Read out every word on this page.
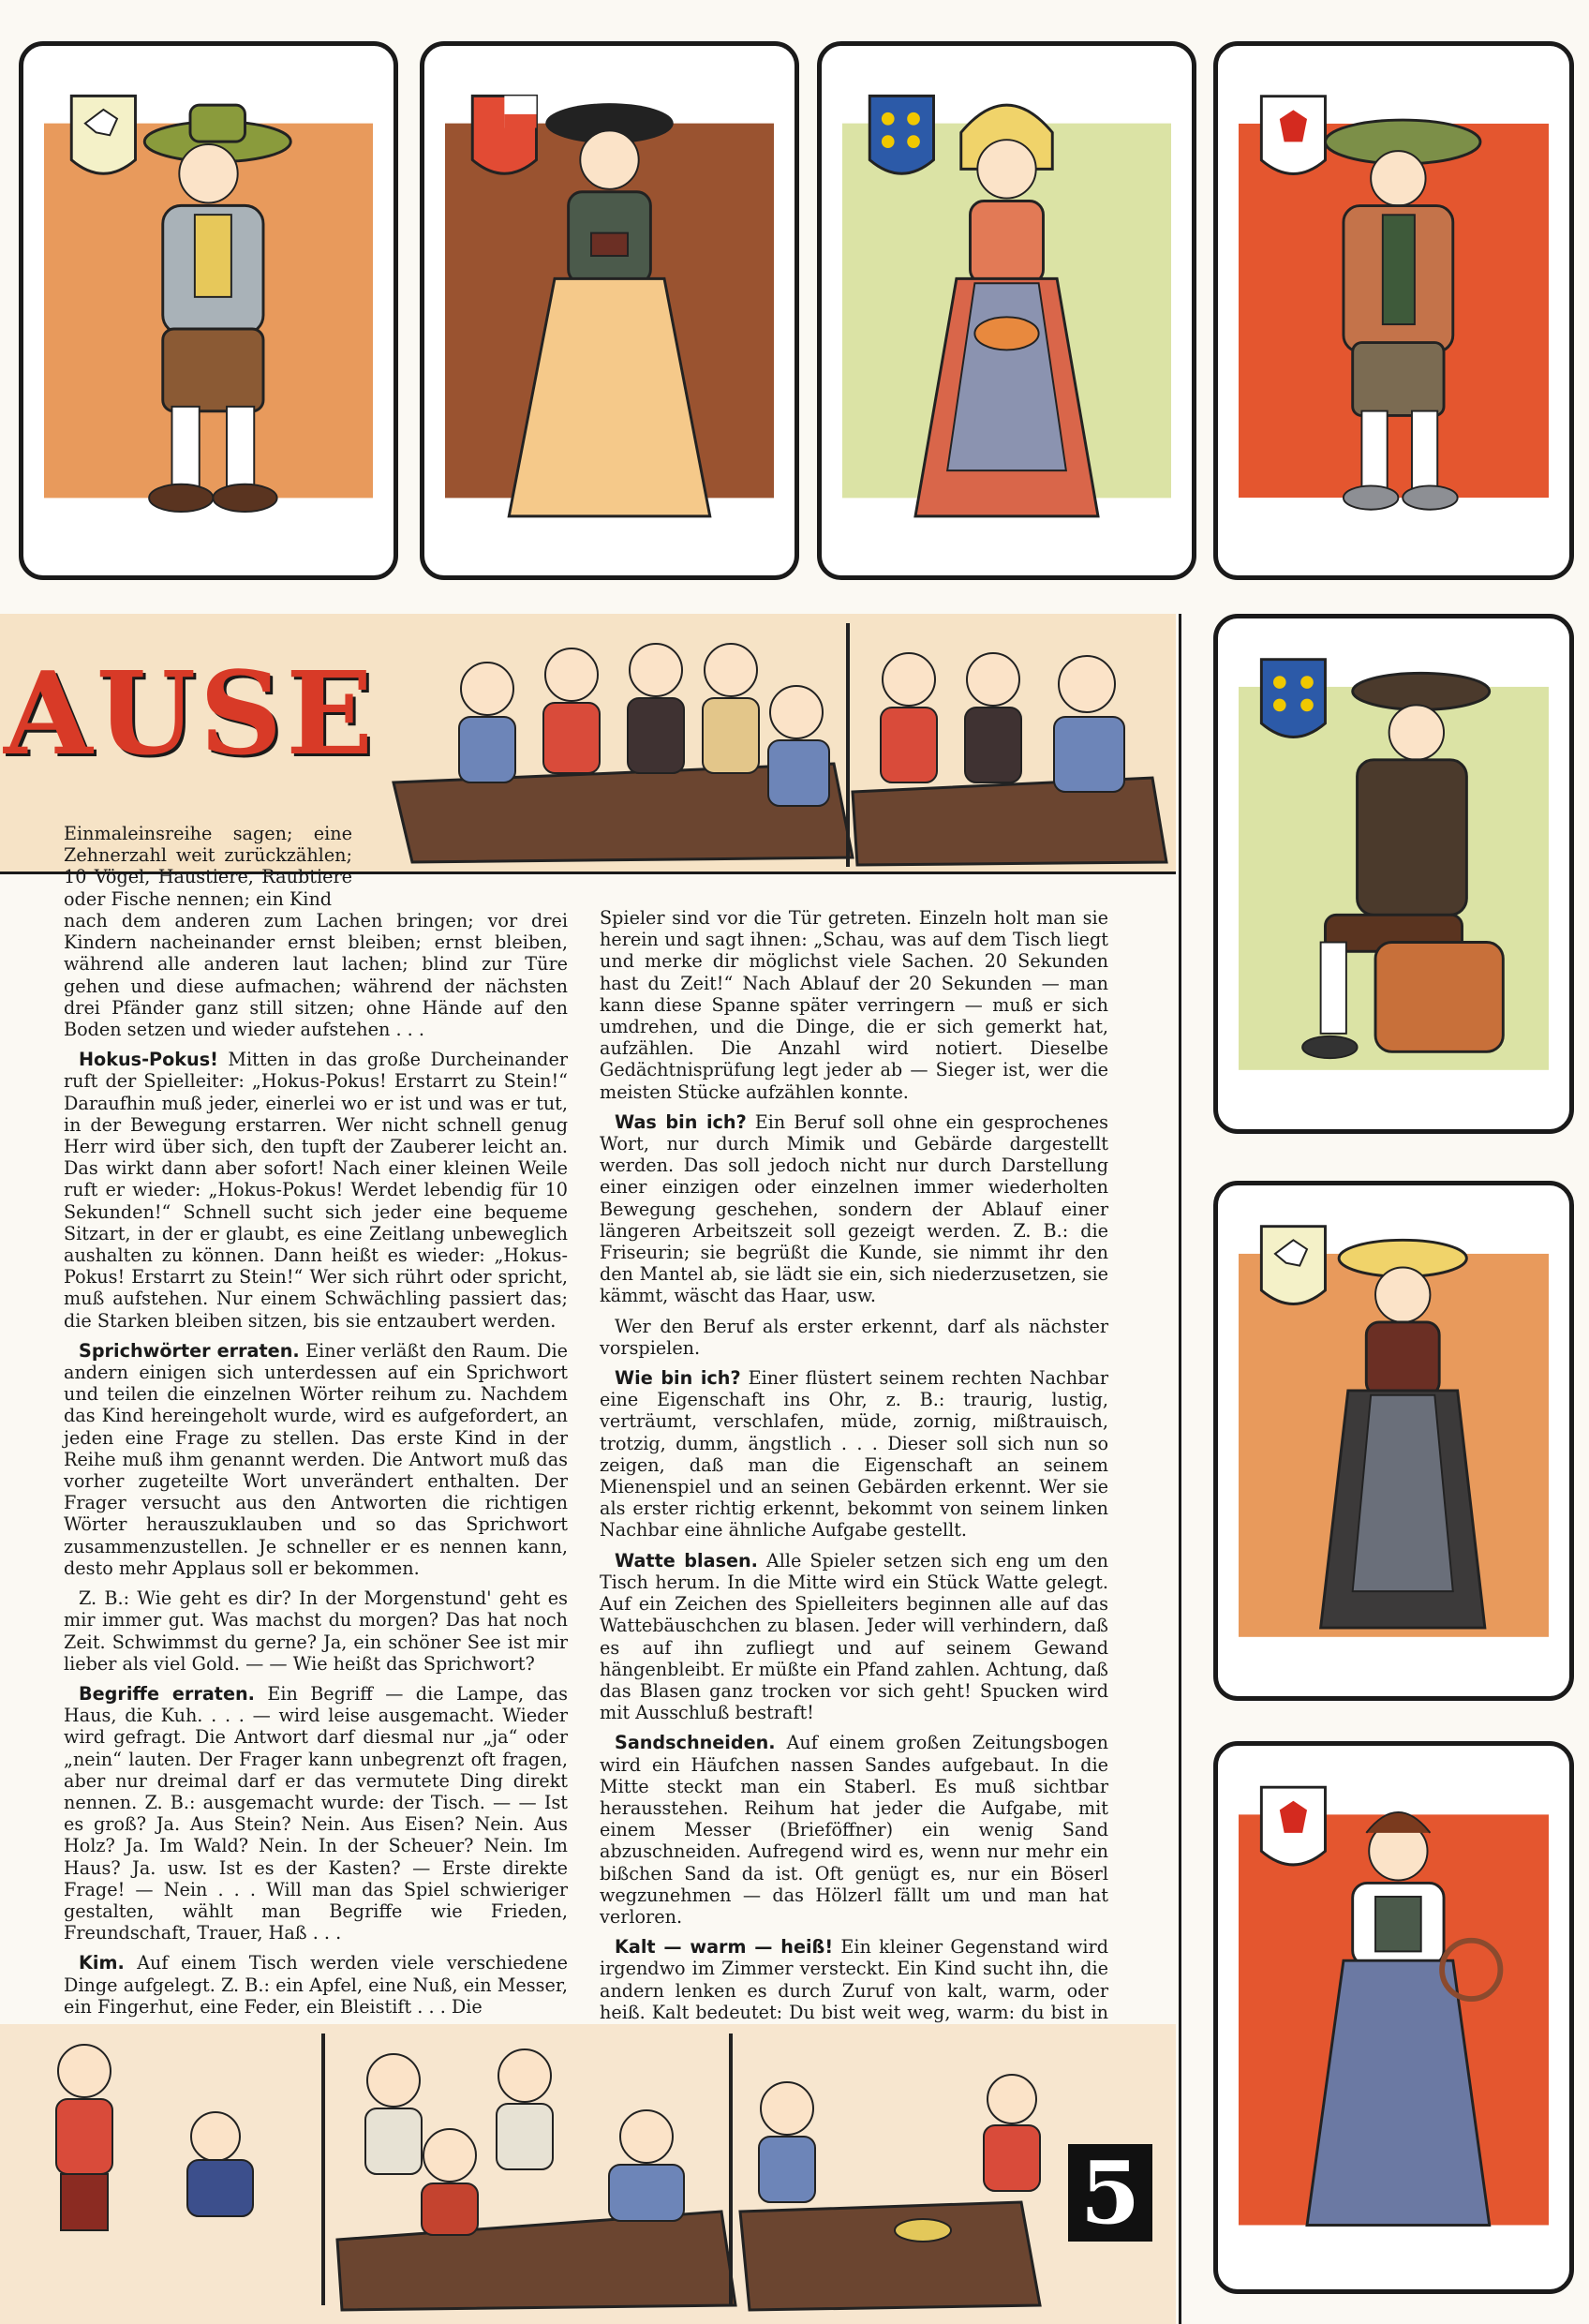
AUSE
Einmaleinsreihe sagen; eine Zehnerzahl weit zurückzählen; 10 Vögel, Haustiere, Raubtiere oder Fische nennen; ein Kind

nach dem anderen zum Lachen bringen; vor drei Kindern nacheinander ernst bleiben; ernst bleiben, während alle anderen laut lachen; blind zur Türe gehen und diese aufmachen; während der nächsten drei Pfänder ganz still sitzen; ohne Hände auf den Boden setzen und wieder aufstehen . . .

Hokus-Pokus! Mitten in das große Durcheinander ruft der Spielleiter: „Hokus-Pokus! Erstarrt zu Stein!“ Daraufhin muß jeder, einerlei wo er ist und was er tut, in der Bewegung erstarren. Wer nicht schnell genug Herr wird über sich, den tupft der Zauberer leicht an. Das wirkt dann aber sofort! Nach einer kleinen Weile ruft er wieder: „Hokus-Pokus! Werdet lebendig für 10 Sekunden!“ Schnell sucht sich jeder eine bequeme Sitzart, in der er glaubt, es eine Zeitlang unbeweglich aushalten zu können. Dann heißt es wieder: „Hokus-Pokus! Erstarrt zu Stein!“ Wer sich rührt oder spricht, muß aufstehen. Nur einem Schwächling passiert das; die Starken bleiben sitzen, bis sie entzaubert werden.

Sprichwörter erraten. Einer verläßt den Raum. Die andern einigen sich unterdessen auf ein Sprichwort und teilen die einzelnen Wörter reihum zu. Nachdem das Kind hereingeholt wurde, wird es aufgefordert, an jeden eine Frage zu stellen. Das erste Kind in der Reihe muß ihm genannt werden. Die Antwort muß das vorher zugeteilte Wort unverändert enthalten. Der Frager versucht aus den Antworten die richtigen Wörter herauszuklauben und so das Sprichwort zusammenzustellen. Je schneller er es nennen kann, desto mehr Applaus soll er bekommen.

Z. B.: Wie geht es dir? In der Morgenstund' geht es mir immer gut. Was machst du morgen? Das hat noch Zeit. Schwimmst du gerne? Ja, ein schöner See ist mir lieber als viel Gold. — — Wie heißt das Sprichwort?

Begriffe erraten. Ein Begriff — die Lampe, das Haus, die Kuh. . . . — wird leise ausgemacht. Wieder wird gefragt. Die Antwort darf diesmal nur „ja“ oder „nein“ lauten. Der Frager kann unbegrenzt oft fragen, aber nur dreimal darf er das vermutete Ding direkt nennen. Z. B.: ausgemacht wurde: der Tisch. — — Ist es groß? Ja. Aus Stein? Nein. Aus Eisen? Nein. Aus Holz? Ja. Im Wald? Nein. In der Scheuer? Nein. Im Haus? Ja. usw. Ist es der Kasten? — Erste direkte Frage! — Nein . . . Will man das Spiel schwieriger gestalten, wählt man Begriffe wie Frieden, Freundschaft, Trauer, Haß . . .

Kim. Auf einem Tisch werden viele verschiedene Dinge aufgelegt. Z. B.: ein Apfel, eine Nuß, ein Messer, ein Fingerhut, eine Feder, ein Bleistift . . . Die

Spieler sind vor die Tür getreten. Einzeln holt man sie herein und sagt ihnen: „Schau, was auf dem Tisch liegt und merke dir möglichst viele Sachen. 20 Sekunden hast du Zeit!“ Nach Ablauf der 20 Sekunden — man kann diese Spanne später verringern — muß er sich umdrehen, und die Dinge, die er sich gemerkt hat, aufzählen. Die Anzahl wird notiert. Dieselbe Gedächtnisprüfung legt jeder ab — Sieger ist, wer die meisten Stücke aufzählen konnte.

Was bin ich? Ein Beruf soll ohne ein gesprochenes Wort, nur durch Mimik und Gebärde dargestellt werden. Das soll jedoch nicht nur durch Darstellung einer einzigen oder einzelnen immer wiederholten Bewegung geschehen, sondern der Ablauf einer längeren Arbeitszeit soll gezeigt werden. Z. B.: die Friseurin; sie begrüßt die Kunde, sie nimmt ihr den den Mantel ab, sie lädt sie ein, sich niederzusetzen, sie kämmt, wäscht das Haar, usw.

Wer den Beruf als erster erkennt, darf als nächster vorspielen.

Wie bin ich? Einer flüstert seinem rechten Nachbar eine Eigenschaft ins Ohr, z. B.: traurig, lustig, verträumt, verschlafen, müde, zornig, mißtrauisch, trotzig, dumm, ängstlich . . . Dieser soll sich nun so zeigen, daß man die Eigenschaft an seinem Mienenspiel und an seinen Gebärden erkennt. Wer sie als erster richtig erkennt, bekommt von seinem linken Nachbar eine ähnliche Aufgabe gestellt.

Watte blasen. Alle Spieler setzen sich eng um den Tisch herum. In die Mitte wird ein Stück Watte gelegt. Auf ein Zeichen des Spielleiters beginnen alle auf das Wattebäuschchen zu blasen. Jeder will verhindern, daß es auf ihn zufliegt und auf seinem Gewand hängenbleibt. Er müßte ein Pfand zahlen. Achtung, daß das Blasen ganz trocken vor sich geht! Spucken wird mit Ausschluß bestraft!

Sandschneiden. Auf einem großen Zeitungsbogen wird ein Häufchen nassen Sandes aufgebaut. In die Mitte steckt man ein Staberl. Es muß sichtbar herausstehen. Reihum hat jeder die Aufgabe, mit einem Messer (Brieföffner) ein wenig Sand abzuschneiden. Aufregend wird es, wenn nur mehr ein bißchen Sand da ist. Oft genügt es, nur ein Böserl wegzunehmen — das Hölzerl fällt um und man hat verloren.

Kalt — warm — heiß! Ein kleiner Gegenstand wird irgendwo im Zimmer versteckt. Ein Kind sucht ihn, die andern lenken es durch Zuruf von kalt, warm, oder heiß. Kalt bedeutet: Du bist weit weg, warm: du bist in

5
